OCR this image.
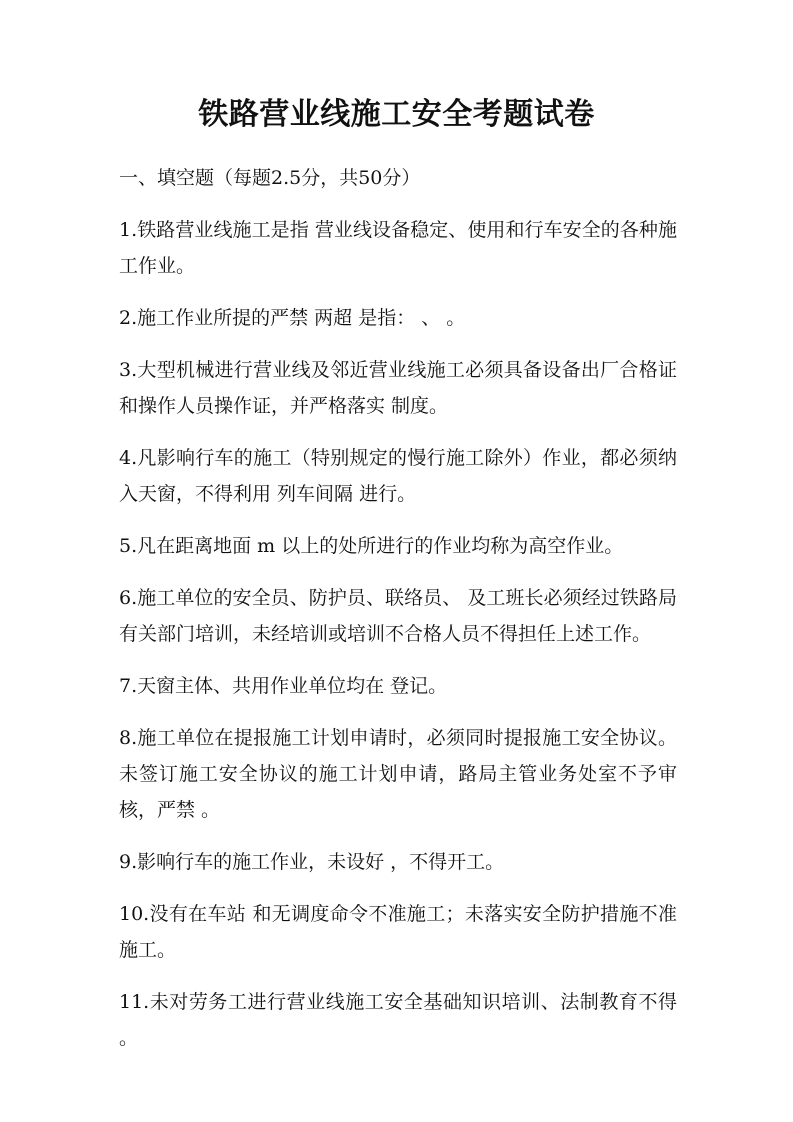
铁路营业线施工安全考题试卷

一、填空题（每题2.5分，共50分）

1.铁路营业线施工是指 营业线设备稳定、使用和行车安全的各种施工作业。

2.施工作业所提的严禁 两超 是指： 、 。

3.大型机械进行营业线及邻近营业线施工必须具备设备出厂合格证和操作人员操作证，并严格落实 制度。

4.凡影响行车的施工（特别规定的慢行施工除外）作业，都必须纳入天窗，不得利用 列车间隔 进行。

5.凡在距离地面 m 以上的处所进行的作业均称为高空作业。

6.施工单位的安全员、防护员、联络员、 及工班长必须经过铁路局有关部门培训，未经培训或培训不合格人员不得担任上述工作。

7.天窗主体、共用作业单位均在 登记。

8.施工单位在提报施工计划申请时，必须同时提报施工安全协议。未签订施工安全协议的施工计划申请，路局主管业务处室不予审核，严禁 。

9.影响行车的施工作业，未设好 ，不得开工。

10.没有在车站 和无调度命令不准施工；未落实安全防护措施不准施工。

11.未对劳务工进行营业线施工安全基础知识培训、法制教育不得 。
